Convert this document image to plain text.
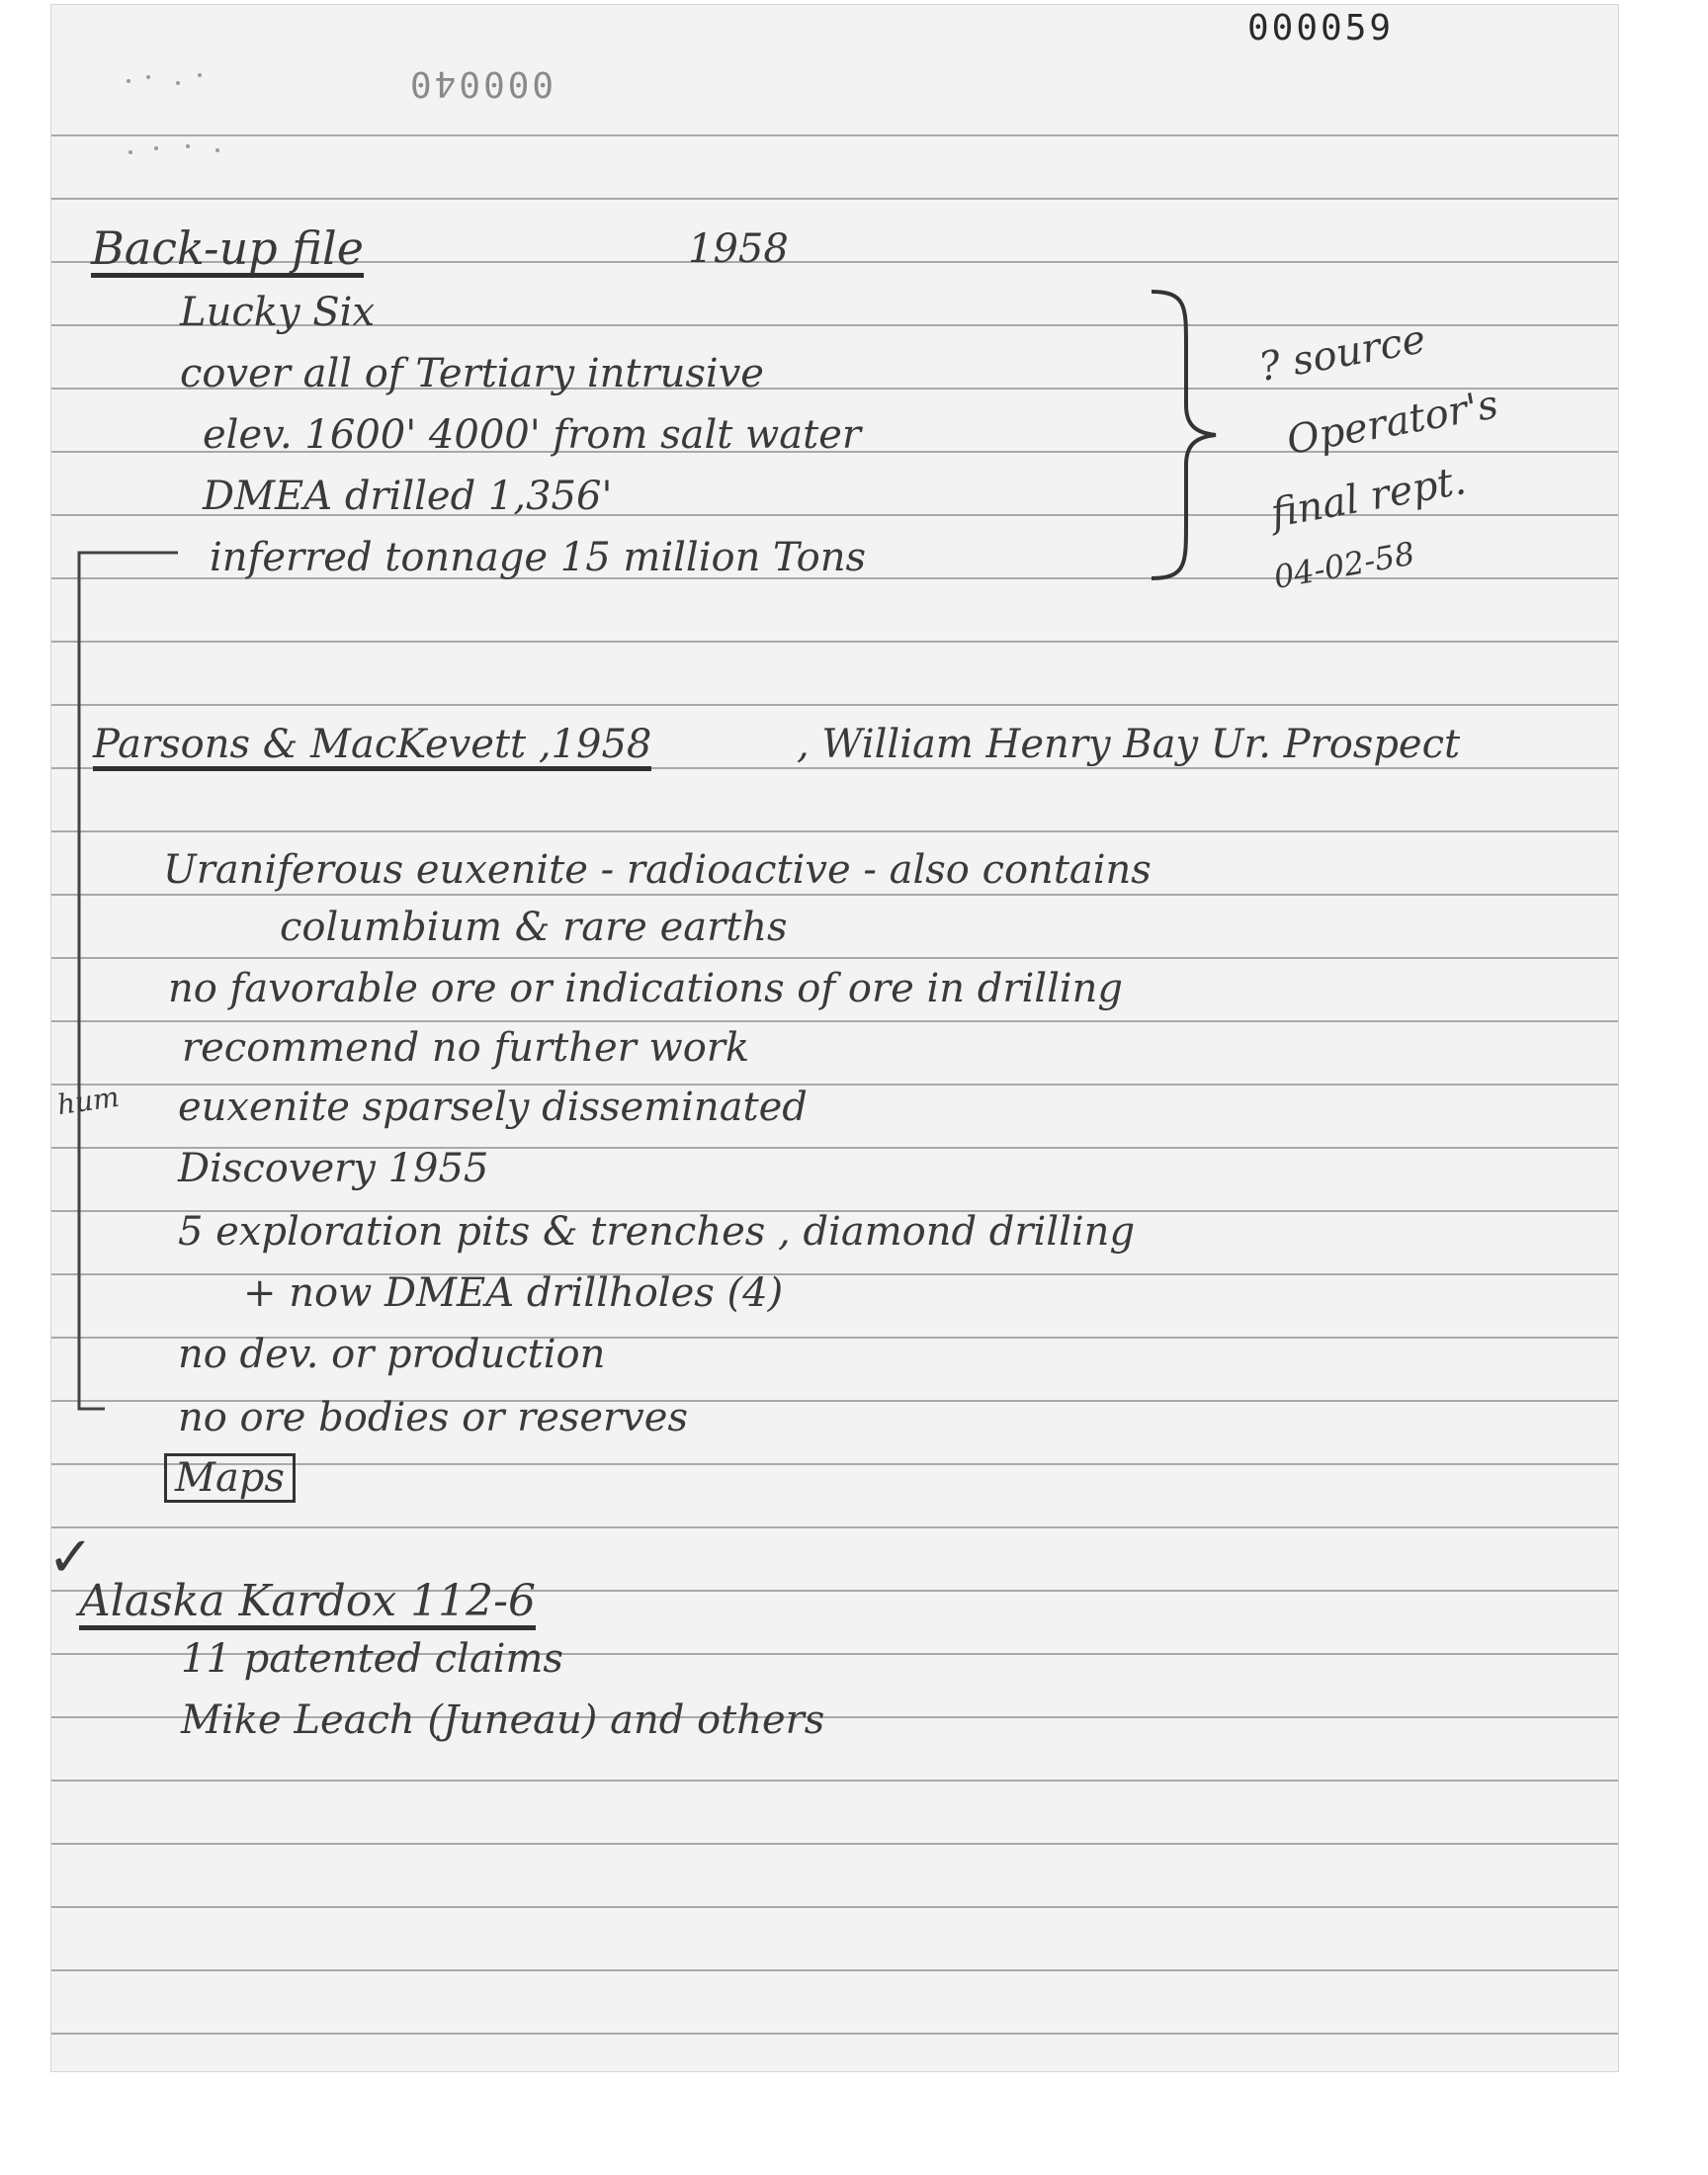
000059
000040
Back-up file	1958
Lucky Six
cover all of Tertiary intrusive
elev. 1600' 4000' from salt water
DMEA drilled 1,356'
inferred tonnage 15 million Tons
? source
Operator's
final rept.
04-02-58
Parsons & MacKevett ,1958	, William Henry Bay Ur. Prospect
Uraniferous euxenite - radioactive - also contains
columbium & rare earths
no favorable ore or indications of ore in drilling
recommend no further work
hum euxenite sparsely disseminated
Discovery 1955
5 exploration pits & trenches , diamond drilling
+ now DMEA drillholes (4)
no dev. or production
no ore bodies or reserves
Maps
✓
Alaska Kardox 112-6
11 patented claims
Mike Leach (Juneau) and others
